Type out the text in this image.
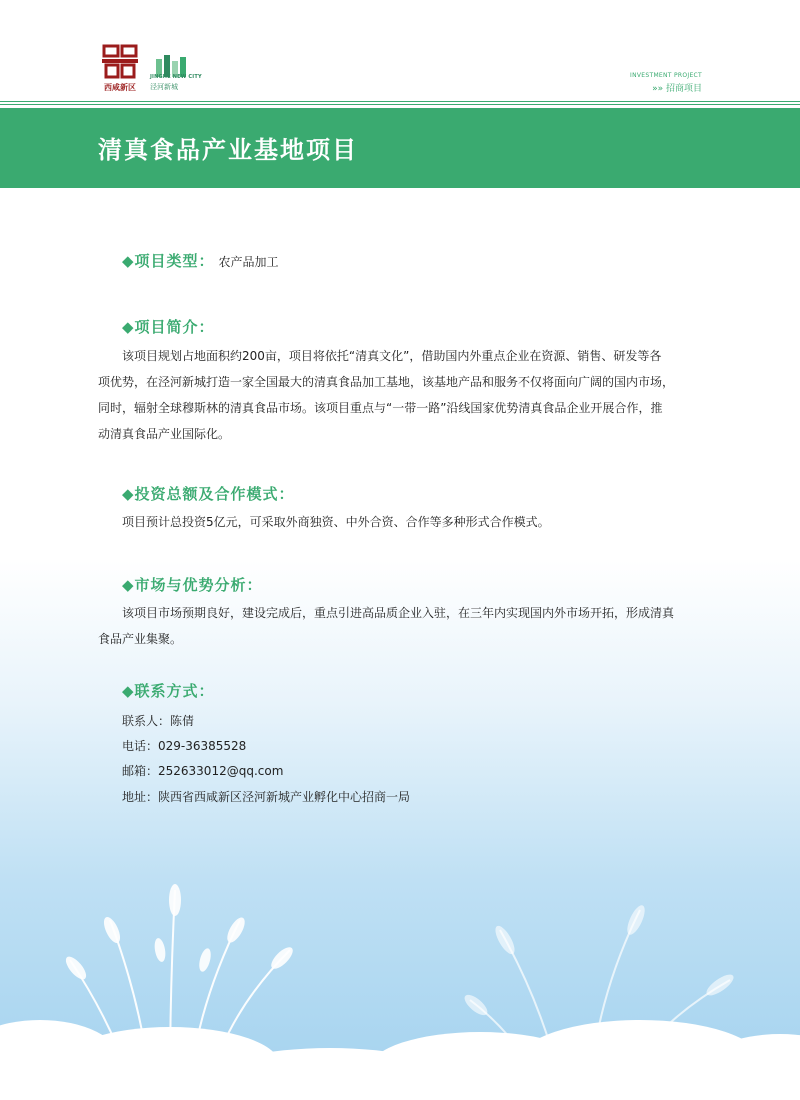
西咸新区
JINGHE NEW CITY
泾河新城
INVESTMENT PROJECT
»» 招商项目
清真食品产业基地项目
◆项目类型： 农产品加工
◆项目简介：
该项目规划占地面积约200亩，项目将依托“清真文化”，借助国内外重点企业在资源、销售、研发等各
项优势，在泾河新城打造一家全国最大的清真食品加工基地，该基地产品和服务不仅将面向广阔的国内市场，
同时，辐射全球穆斯林的清真食品市场。该项目重点与“一带一路”沿线国家优势清真食品企业开展合作，推
动清真食品产业国际化。
◆投资总额及合作模式：
项目预计总投资5亿元，可采取外商独资、中外合资、合作等多种形式合作模式。
◆市场与优势分析：
该项目市场预期良好，建设完成后，重点引进高品质企业入驻，在三年内实现国内外市场开拓，形成清真
食品产业集聚。
◆联系方式：
联系人：陈倩
电话：029-36385528
邮箱：252633012@qq.com
地址：陕西省西咸新区泾河新城产业孵化中心招商一局
